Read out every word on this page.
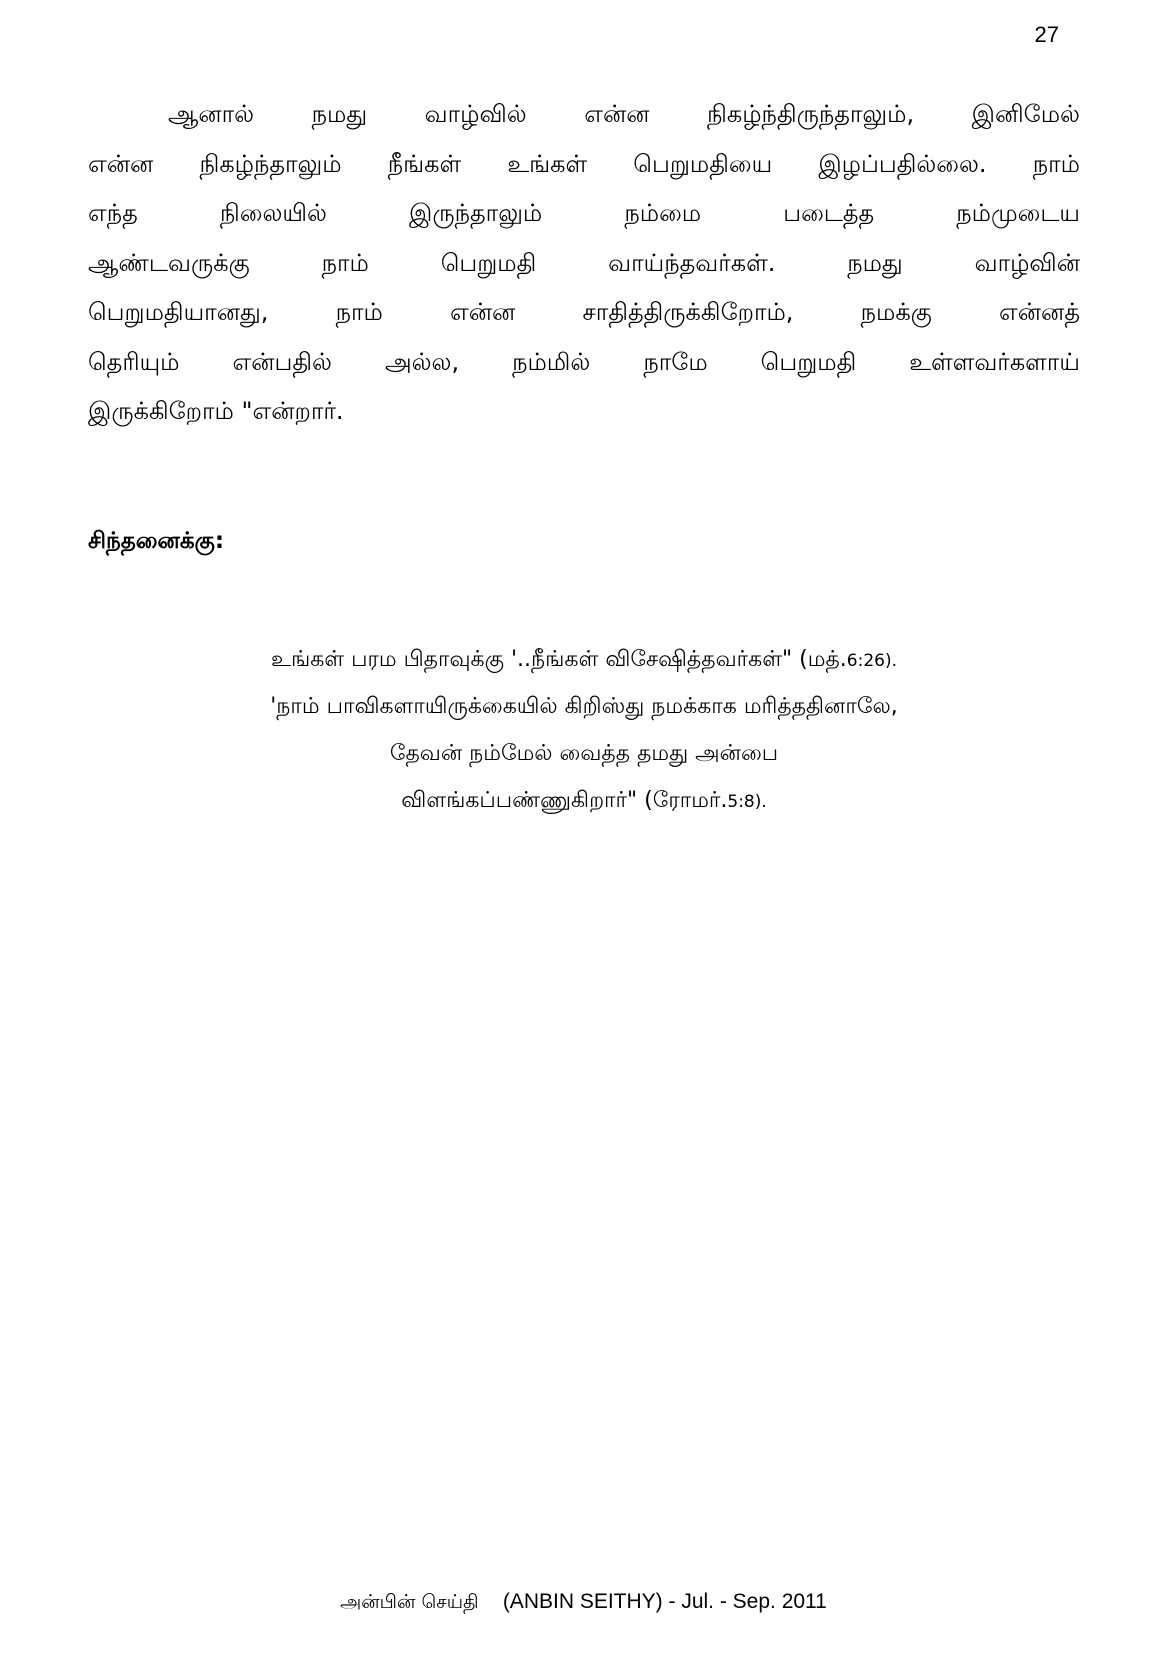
27
ஆனால் நமது வாழ்வில் என்ன நிகழ்ந்திருந்தாலும், இனிமேல்
என்ன நிகழ்ந்தாலும் நீங்கள் உங்கள் பெறுமதியை இழப்பதில்லை. நாம்
எந்த	நிலையில்	இருந்தாலும்	நம்மை	படைத்த	நம்முடைய
ஆண்டவருக்கு	நாம்	பெறுமதி	வாய்ந்தவர்கள்.	நமது	வாழ்வின்
பெறுமதியானது,	நாம்	என்ன	சாதித்திருக்கிறோம்,	நமக்கு	என்னத்
தெரியும் என்பதில் அல்ல, நம்மில் நாமே பெறுமதி உள்ளவர்களாய்
இருக்கிறோம் "என்றார்.
சிந்தனைக்கு:
உங்கள் பரம பிதாவுக்கு '..நீங்கள் விசேஷித்தவர்கள்" (மத்.6:26).
'நாம் பாவிகளாயிருக்கையில் கிறிஸ்து நமக்காக மரித்ததினாலே,
தேவன் நம்மேல் வைத்த தமது அன்பை
விளங்கப்பண்ணுகிறார்" (ரோமர்.5:8).
அன்பின் செய்தி (ANBIN SEITHY) - Jul. - Sep. 2011
